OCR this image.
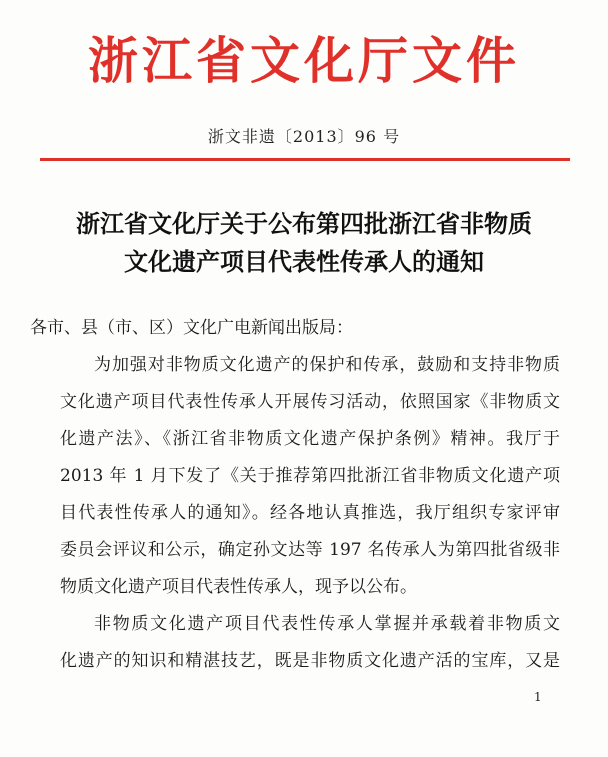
浙江省文化厅文件
浙文非遗〔2013〕96 号
浙江省文化厅关于公布第四批浙江省非物质
文化遗产项目代表性传承人的通知
各市、县（市、区）文化广电新闻出版局：
为加强对非物质文化遗产的保护和传承，鼓励和支持非物质
文化遗产项目代表性传承人开展传习活动，依照国家《非物质文
化遗产法》、《浙江省非物质文化遗产保护条例》精神。我厅于
2013 年 1 月下发了《关于推荐第四批浙江省非物质文化遗产项
目代表性传承人的通知》。经各地认真推选，我厅组织专家评审
委员会评议和公示，确定孙文达等 197 名传承人为第四批省级非
物质文化遗产项目代表性传承人，现予以公布。
非物质文化遗产项目代表性传承人掌握并承载着非物质文
化遗产的知识和精湛技艺，既是非物质文化遗产活的宝库，又是
1
